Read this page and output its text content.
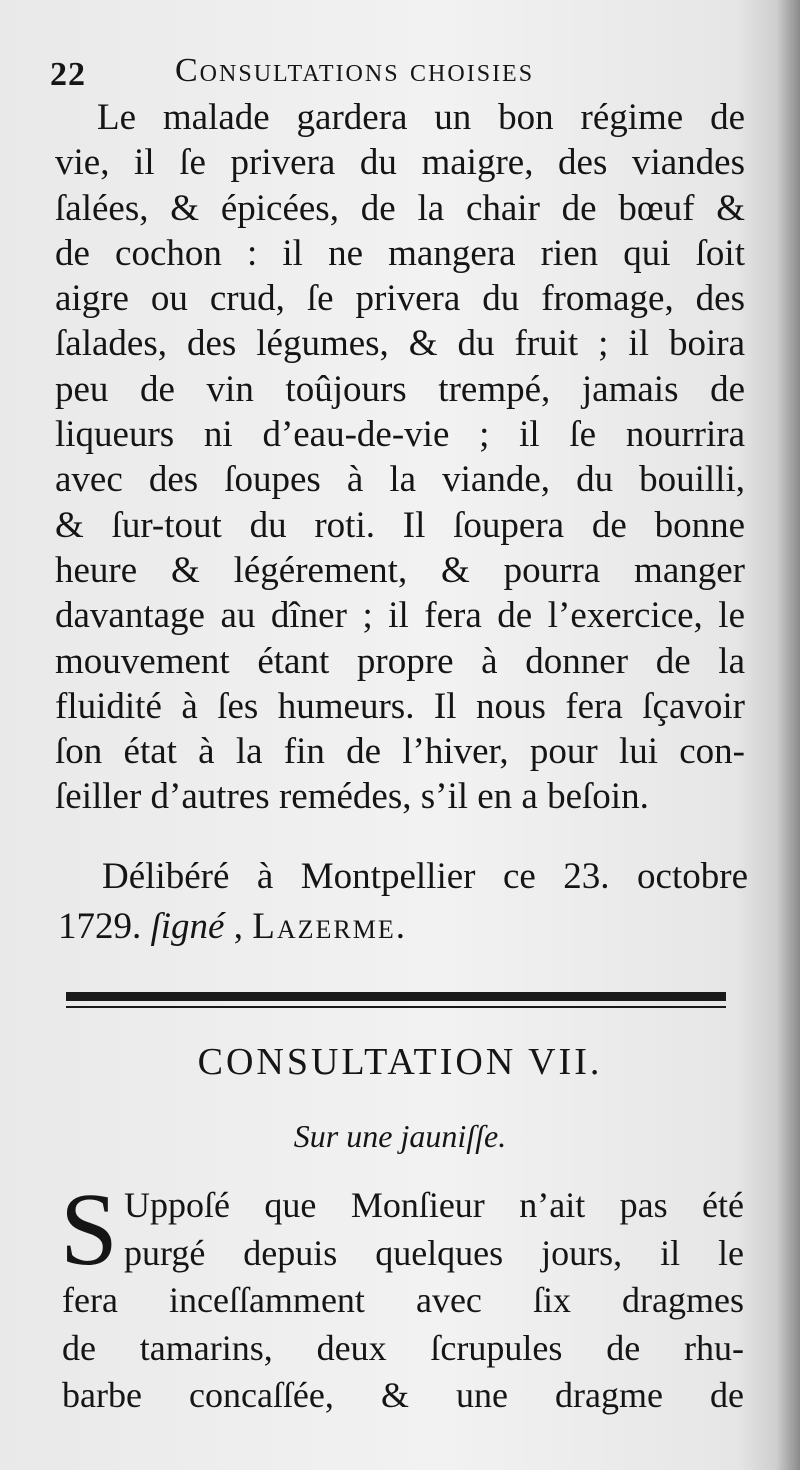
22	Consultations choisies
Le malade gardera un bon régime de
vie, il ſe privera du maigre, des viandes
ſalées, & épicées, de la chair de bœuf &
de cochon : il ne mangera rien qui ſoit
aigre ou crud, ſe privera du fromage, des
ſalades, des légumes, & du fruit ; il boira
peu de vin toûjours trempé, jamais de
liqueurs ni d’eau-de-vie ; il ſe nourrira
avec des ſoupes à la viande, du bouilli,
& ſur-tout du roti. Il ſoupera de bonne
heure & légérement, & pourra manger
davantage au dîner ; il fera de l’exercice, le
mouvement étant propre à donner de la
fluidité à ſes humeurs. Il nous fera ſçavoir
ſon état à la fin de l’hiver, pour lui con-
ſeiller d’autres remédes, s’il en a beſoin.
Délibéré à Montpellier ce 23. octobre
1729. ſigné , Lazerme.
CONSULTATION VII.
Sur une jauniſſe.
S Uppoſé que Monſieur n’ait pas été
purgé depuis quelques jours, il le
fera inceſſamment avec ſix dragmes
de tamarins, deux ſcrupules de rhu-
barbe concaſſée, & une dragme de
